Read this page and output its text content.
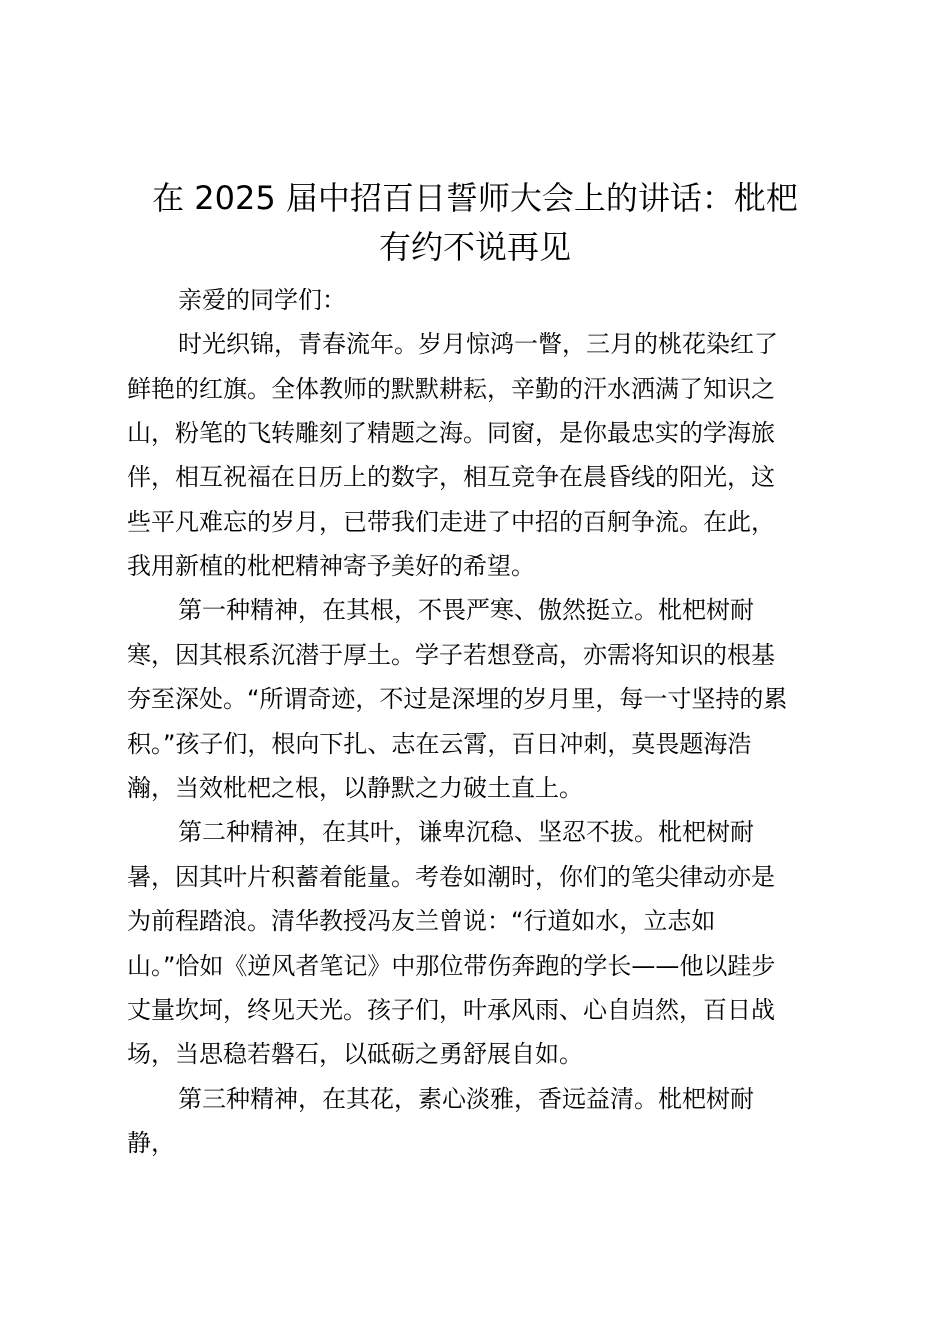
在 2025 届中招百日誓师大会上的讲话：枇杷
有约不说再见
亲爱的同学们：
时光织锦，青春流年。岁月惊鸿一瞥，三月的桃花染红了
鲜艳的红旗。全体教师的默默耕耘，辛勤的汗水洒满了知识之
山，粉笔的飞转雕刻了精题之海。同窗，是你最忠实的学海旅
伴，相互祝福在日历上的数字，相互竞争在晨昏线的阳光，这
些平凡难忘的岁月，已带我们走进了中招的百舸争流。在此，
我用新植的枇杷精神寄予美好的希望。
第一种精神，在其根，不畏严寒、傲然挺立。枇杷树耐
寒，因其根系沉潜于厚土。学子若想登高，亦需将知识的根基
夯至深处。“所谓奇迹，不过是深埋的岁月里，每一寸坚持的累
积。”孩子们，根向下扎、志在云霄，百日冲刺，莫畏题海浩
瀚，当效枇杷之根，以静默之力破土直上。
第二种精神，在其叶，谦卑沉稳、坚忍不拔。枇杷树耐
暑，因其叶片积蓄着能量。考卷如潮时，你们的笔尖律动亦是
为前程踏浪。清华教授冯友兰曾说：“行道如水，立志如
山。”恰如《逆风者笔记》中那位带伤奔跑的学长——他以跬步
丈量坎坷，终见天光。孩子们，叶承风雨、心自岿然，百日战
场，当思稳若磐石，以砥砺之勇舒展自如。
第三种精神，在其花，素心淡雅，香远益清。枇杷树耐
静，
